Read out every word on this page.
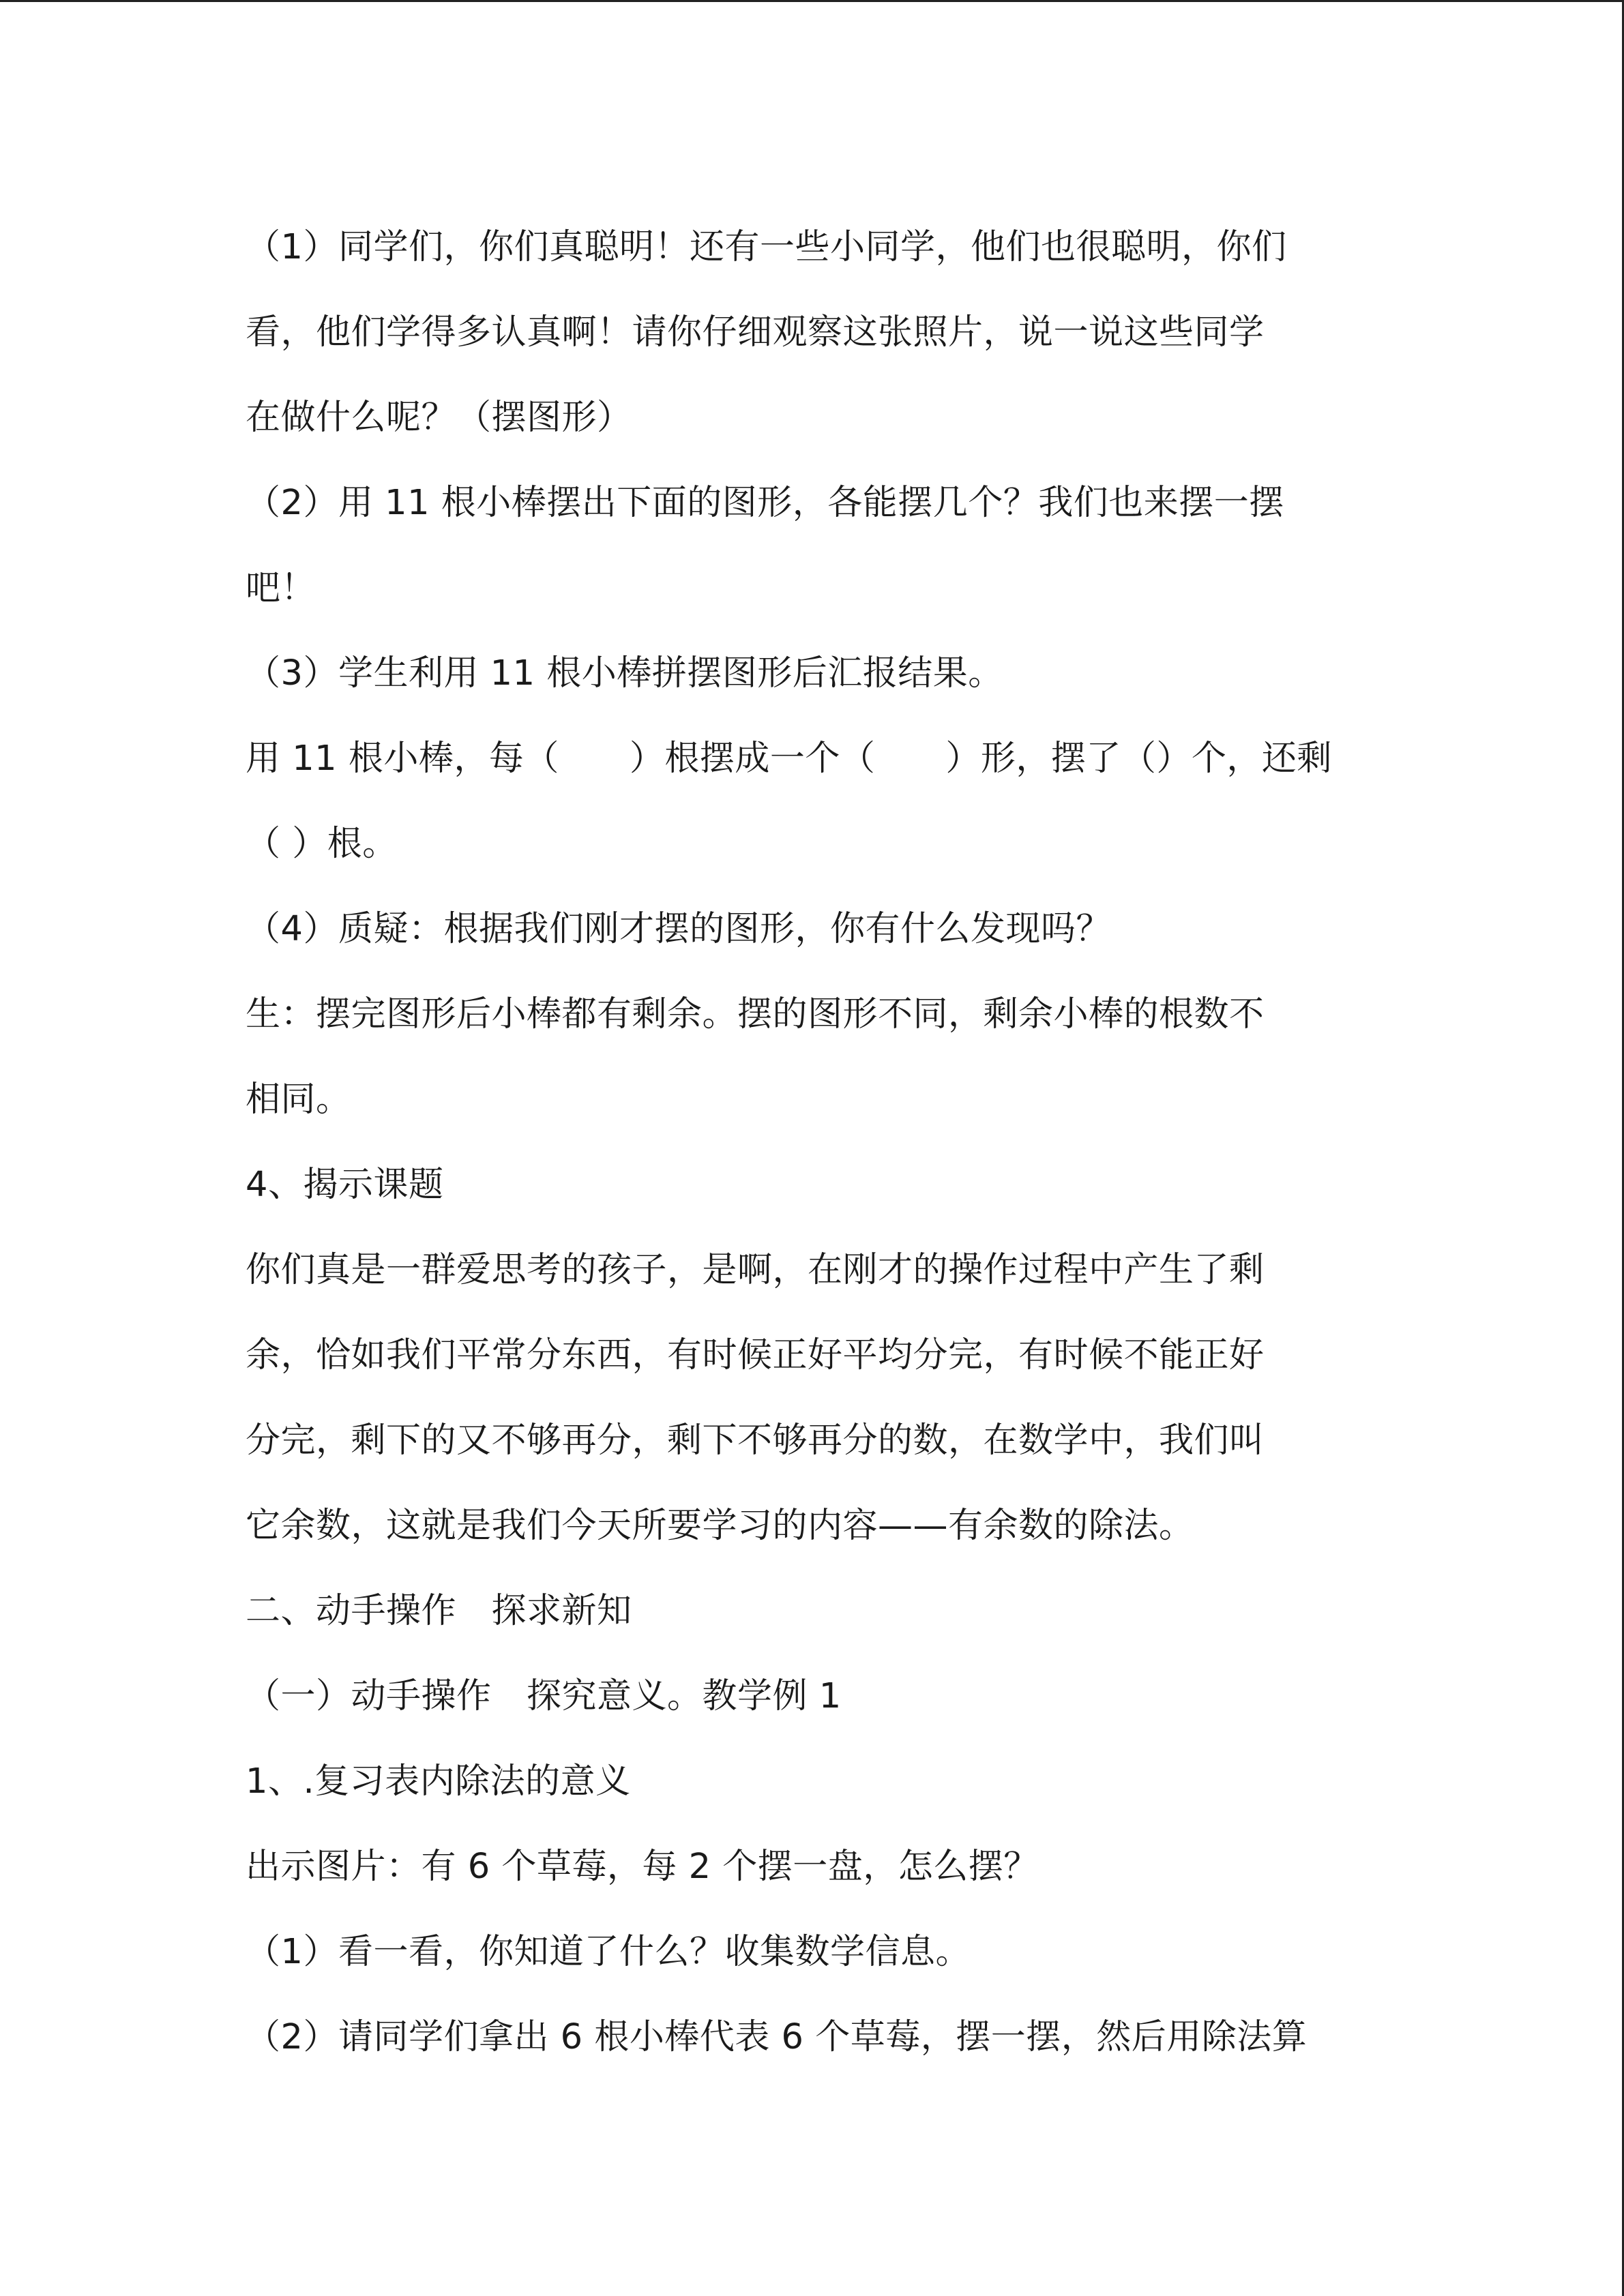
（1）同学们，你们真聪明！还有一些小同学，他们也很聪明，你们
看，他们学得多认真啊！请你仔细观察这张照片，说一说这些同学
在做什么呢？（摆图形）
（2）用 11 根小棒摆出下面的图形，各能摆几个？我们也来摆一摆
吧！
（3）学生利用 11 根小棒拼摆图形后汇报结果。
用 11 根小棒，每（　　）根摆成一个（　　）形，摆了（）个，还剩
（ ）根。
（4）质疑：根据我们刚才摆的图形，你有什么发现吗？
生：摆完图形后小棒都有剩余。摆的图形不同，剩余小棒的根数不
相同。
4、揭示课题
你们真是一群爱思考的孩子，是啊，在刚才的操作过程中产生了剩
余，恰如我们平常分东西，有时候正好平均分完，有时候不能正好
分完，剩下的又不够再分，剩下不够再分的数，在数学中，我们叫
它余数，这就是我们今天所要学习的内容——有余数的除法。
二、动手操作　探求新知
（一）动手操作　探究意义。教学例 1
1、.复习表内除法的意义
出示图片：有 6 个草莓，每 2 个摆一盘，怎么摆？
（1）看一看，你知道了什么？收集数学信息。
（2）请同学们拿出 6 根小棒代表 6 个草莓，摆一摆，然后用除法算
